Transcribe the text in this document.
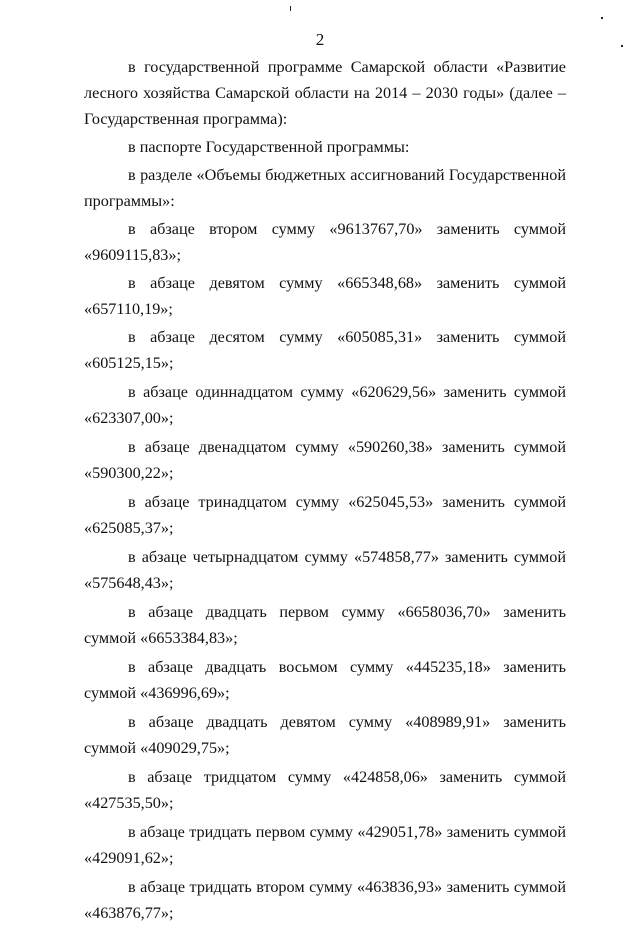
2

в государственной программе Самарской области «Развитие лесного хозяйства Самарской области на 2014 – 2030 годы» (далее – Государственная программа):

в паспорте Государственной программы:

в разделе «Объемы бюджетных ассигнований Государственной программы»:

в абзаце втором сумму «9613767,70» заменить суммой «9609115,83»;

в абзаце девятом сумму «665348,68» заменить суммой «657110,19»;

в абзаце десятом сумму «605085,31» заменить суммой «605125,15»;

в абзаце одиннадцатом сумму «620629,56» заменить суммой «623307,00»;

в абзаце двенадцатом сумму «590260,38» заменить суммой «590300,22»;

в абзаце тринадцатом сумму «625045,53» заменить суммой «625085,37»;

в абзаце четырнадцатом сумму «574858,77» заменить суммой «575648,43»;

в абзаце двадцать первом сумму «6658036,70» заменить суммой «6653384,83»;

в абзаце двадцать восьмом сумму «445235,18» заменить суммой «436996,69»;

в абзаце двадцать девятом сумму «408989,91» заменить суммой «409029,75»;

в абзаце тридцатом сумму «424858,06» заменить суммой «427535,50»;

в абзаце тридцать первом сумму «429051,78» заменить суммой «429091,62»;

в абзаце тридцать втором сумму «463836,93» заменить суммой «463876,77»;
